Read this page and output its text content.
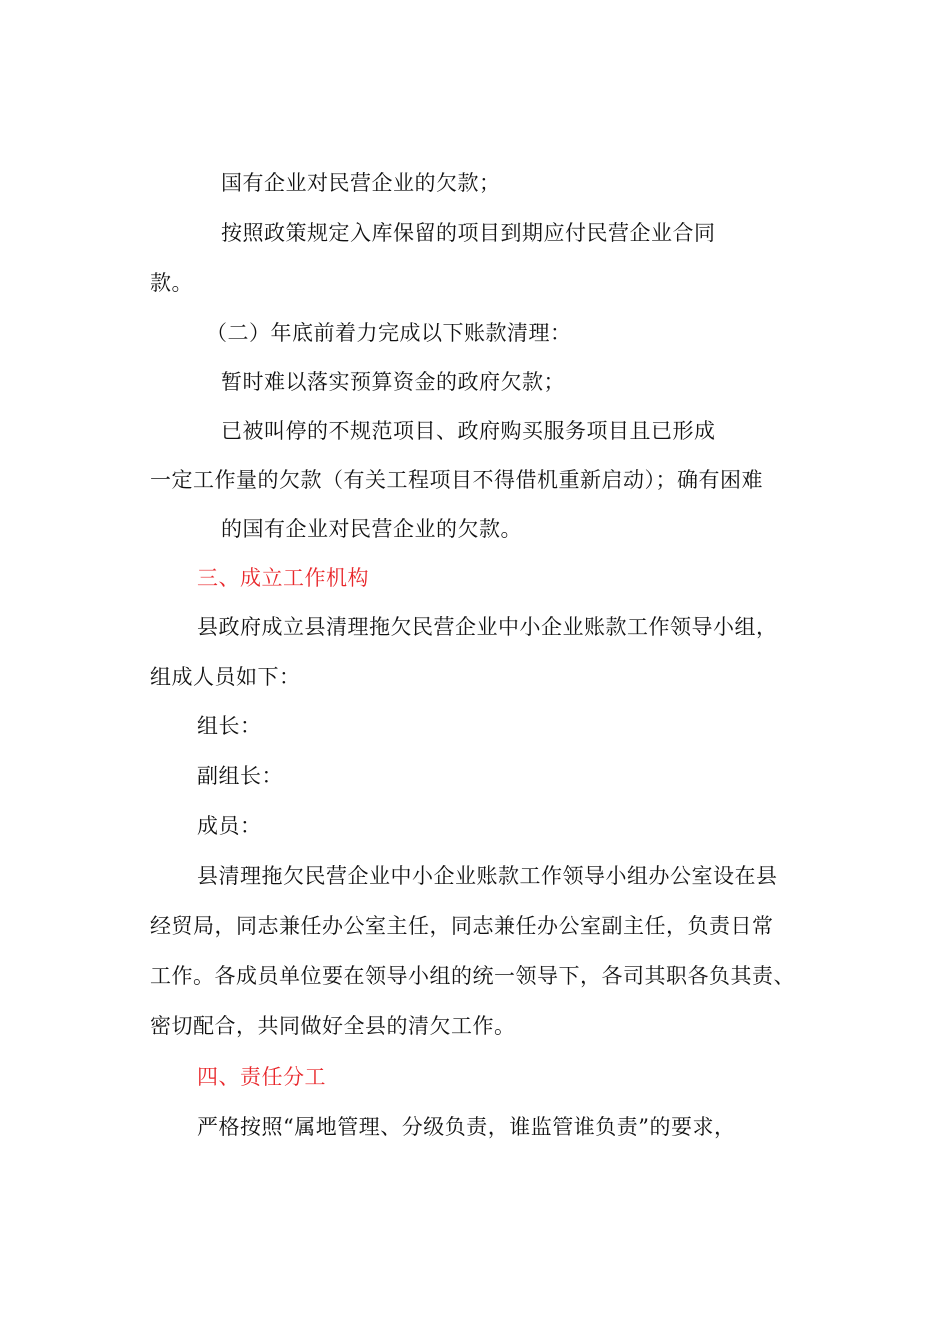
国有企业对民营企业的欠款；
按照政策规定入库保留的项目到期应付民营企业合同
款。
（二）年底前着力完成以下账款清理：
暂时难以落实预算资金的政府欠款；
已被叫停的不规范项目、政府购买服务项目且已形成
一定工作量的欠款（有关工程项目不得借机重新启动）；确有困难
的国有企业对民营企业的欠款。
三、成立工作机构
县政府成立县清理拖欠民营企业中小企业账款工作领导小组，
组成人员如下：
组长：
副组长：
成员：
县清理拖欠民营企业中小企业账款工作领导小组办公室设在县
经贸局，同志兼任办公室主任，同志兼任办公室副主任，负责日常
工作。各成员单位要在领导小组的统一领导下，各司其职各负其责、
密切配合，共同做好全县的清欠工作。
四、责任分工
严格按照“属地管理、分级负责，谁监管谁负责”的要求，
